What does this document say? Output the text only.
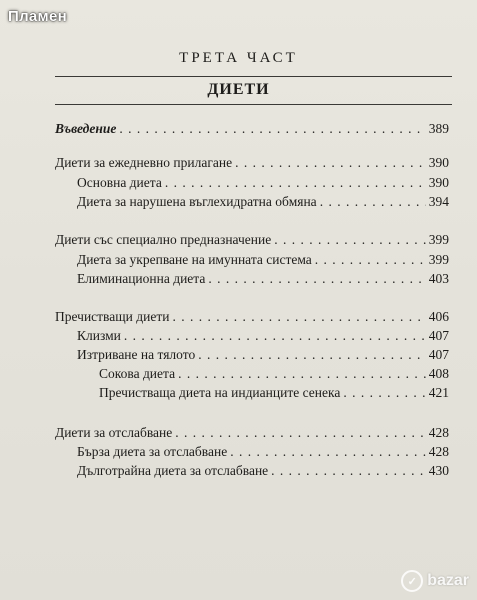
Пламен
ТРЕТА ЧАСТ
ДИЕТИ
Въведение . . .	389
Диети за ежедневно прилагане . . .	390
Основна диета . . .	390
Диета за нарушена въглехидратна обмяна . . .	394
Диети със специално предназначение . . .	399
Диета за укрепване на имунната система . . .	399
Елиминационна диета . . .	403
Пречистващи диети . . .	406
Клизми . . .	407
Изтриване на тялото . . .	407
Сокова диета . . .	408
Пречистваща диета на индианците сенека . . .	421
Диети за отслабване . . .	428
Бърза диета за отслабване . . .	428
Дълготрайна диета за отслабване . . .	430
✓ bazar
